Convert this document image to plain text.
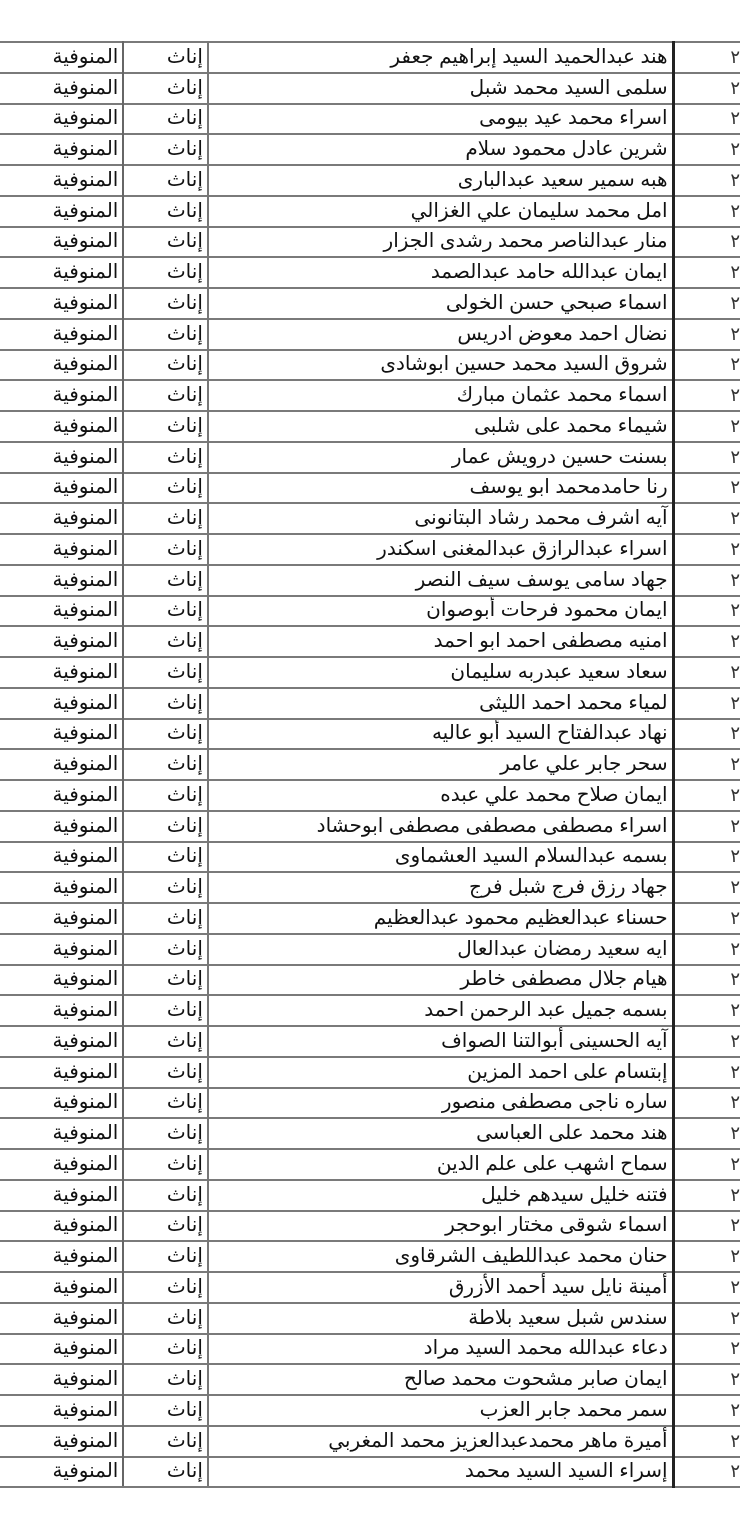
المنوفية	إناث	هند عبدالحميد السيد إبراهيم جعفر	٢
المنوفية	إناث	سلمى السيد محمد شبل	٢
المنوفية	إناث	اسراء محمد عيد بيومى	٢
المنوفية	إناث	شرين عادل محمود سلام	٢
المنوفية	إناث	هبه سمير سعيد عبدالبارى	٢
المنوفية	إناث	امل محمد سليمان علي الغزالي	٢
المنوفية	إناث	منار عبدالناصر محمد رشدى الجزار	٢
المنوفية	إناث	ايمان عبدالله حامد عبدالصمد	٢
المنوفية	إناث	اسماء صبحي حسن الخولى	٢
المنوفية	إناث	نضال احمد معوض ادريس	٢
المنوفية	إناث	شروق السيد محمد حسين ابوشادى	٢
المنوفية	إناث	اسماء محمد عثمان مبارك	٢
المنوفية	إناث	شيماء محمد على شلبى	٢
المنوفية	إناث	بسنت حسين درويش عمار	٢
المنوفية	إناث	رنا حامدمحمد ابو يوسف	٢
المنوفية	إناث	آيه اشرف محمد رشاد البتانونى	٢
المنوفية	إناث	اسراء عبدالرازق عبدالمغنى اسكندر	٢
المنوفية	إناث	جهاد سامى يوسف سيف النصر	٢
المنوفية	إناث	ايمان محمود فرحات أبوصوان	٢
المنوفية	إناث	امنيه مصطفى احمد ابو احمد	٢
المنوفية	إناث	سعاد سعيد عبدربه سليمان	٢
المنوفية	إناث	لمياء محمد احمد الليثى	٢
المنوفية	إناث	نهاد عبدالفتاح السيد أبو عاليه	٢
المنوفية	إناث	سحر جابر علي عامر	٢
المنوفية	إناث	ايمان صلاح محمد علي عبده	٢
المنوفية	إناث	اسراء مصطفى مصطفى مصطفى ابوحشاد	٢
المنوفية	إناث	بسمه عبدالسلام السيد العشماوى	٢
المنوفية	إناث	جهاد رزق فرج شبل فرج	٢
المنوفية	إناث	حسناء عبدالعظيم محمود عبدالعظيم	٢
المنوفية	إناث	ايه سعيد رمضان عبدالعال	٢
المنوفية	إناث	هيام جلال مصطفى خاطر	٢
المنوفية	إناث	بسمه جميل عبد الرحمن احمد	٢
المنوفية	إناث	آيه الحسينى أبوالتنا الصواف	٢
المنوفية	إناث	إبتسام على احمد المزين	٢
المنوفية	إناث	ساره ناجى مصطفى منصور	٢
المنوفية	إناث	هند محمد على العباسى	٢
المنوفية	إناث	سماح اشهب على علم الدين	٢
المنوفية	إناث	فتنه خليل سيدهم خليل	٢
المنوفية	إناث	اسماء شوقى مختار ابوحجر	٢
المنوفية	إناث	حنان محمد عبداللطيف الشرقاوى	٢
المنوفية	إناث	أمينة نايل سيد أحمد الأزرق	٢
المنوفية	إناث	سندس شبل سعيد بلاطة	٢
المنوفية	إناث	دعاء عبدالله محمد السيد مراد	٢
المنوفية	إناث	ايمان صابر مشحوت محمد صالح	٢
المنوفية	إناث	سمر محمد جابر العزب	٢
المنوفية	إناث	أميرة ماهر محمدعبدالعزيز محمد المغربي	٢
المنوفية	إناث	إسراء السيد السيد محمد	٢
